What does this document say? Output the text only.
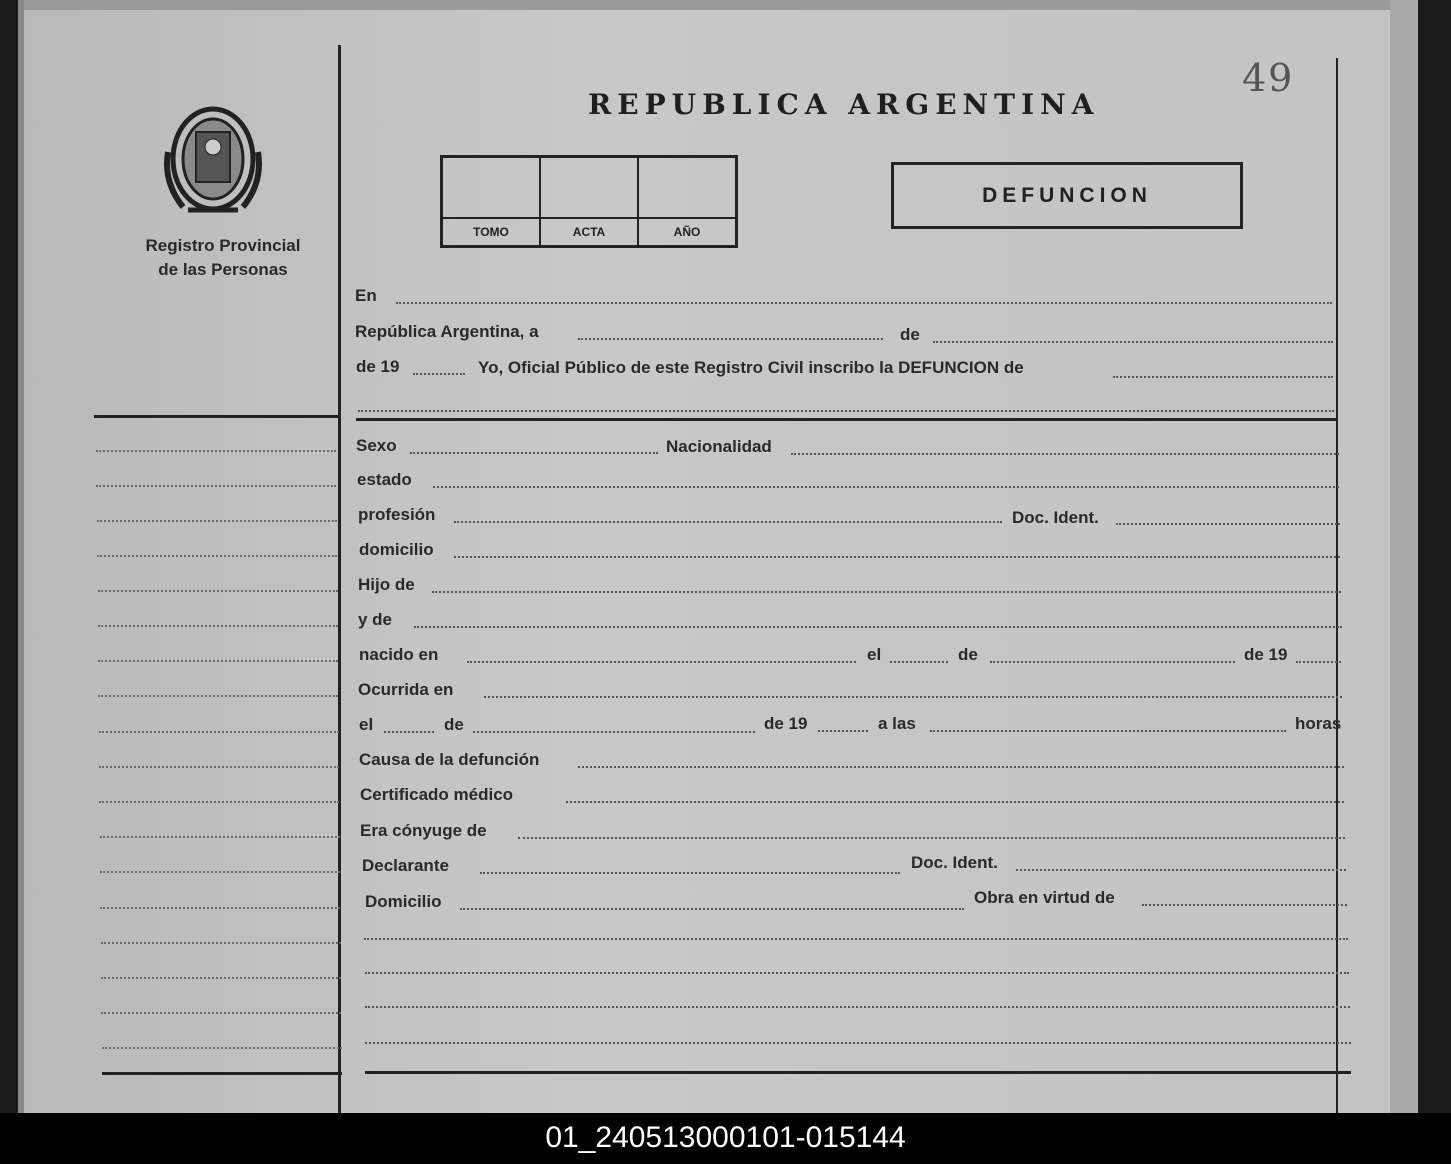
49
REPUBLICA ARGENTINA
Registro Provincial
de las Personas
TOMO	ACTA	AÑO
DEFUNCION
En
República Argentina, a	de
de 19	Yo, Oficial Público de este Registro Civil inscribo la DEFUNCION de
Sexo	Nacionalidad
estado
profesión	Doc. Ident.
domicilio
Hijo de
y de
nacido en	el	de	de 19
Ocurrida en
el	de	de 19	a las	horas
Causa de la defunción
Certificado médico
Era cónyuge de
Declarante	Doc. Ident.
Domicilio	Obra en virtud de
01_240513000101-015144
